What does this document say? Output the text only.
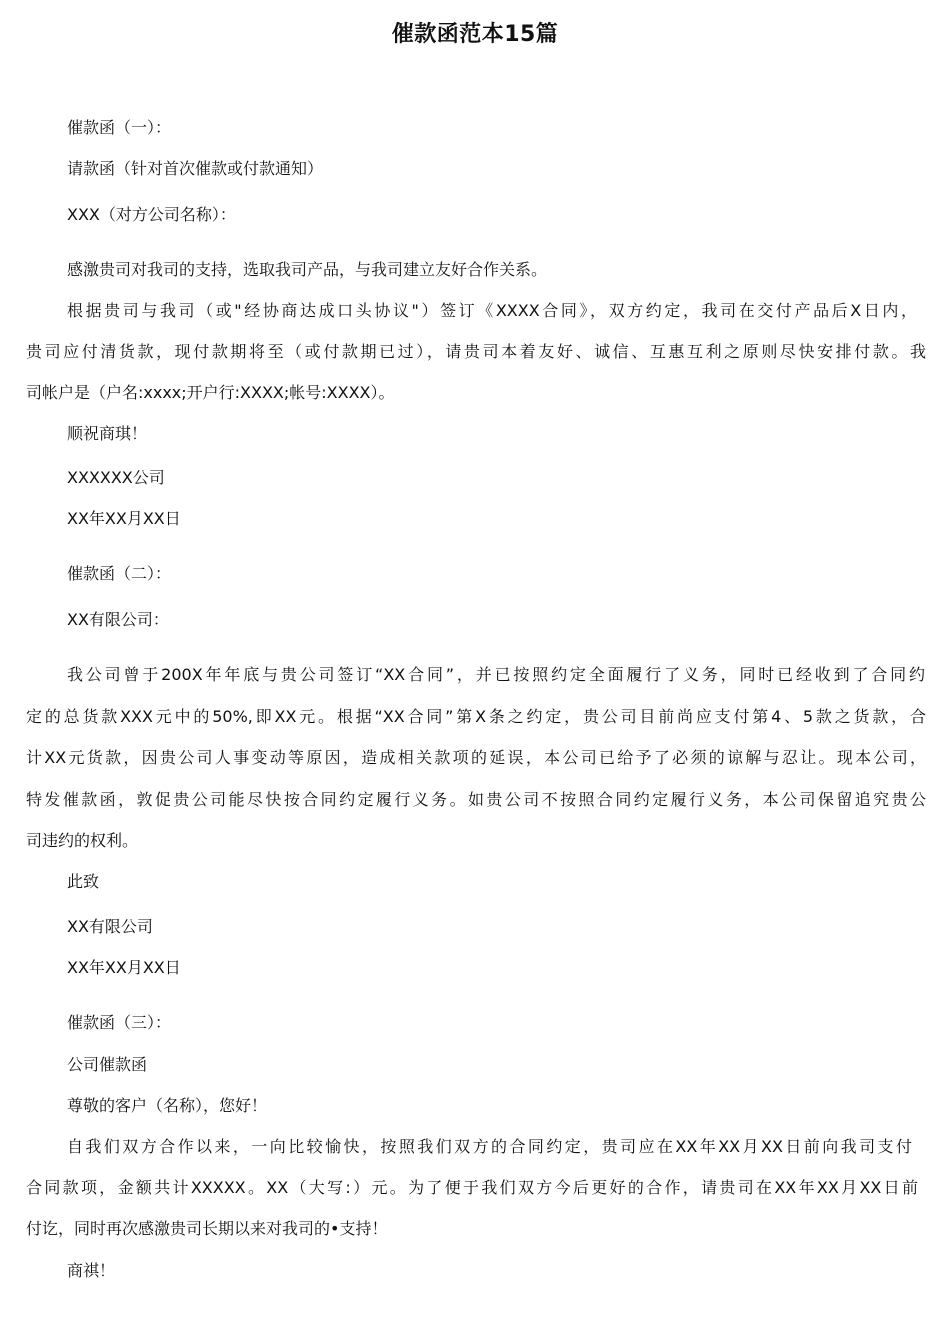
催款函范本15篇
催款函（一）：
请款函（针对首次催款或付款通知）
XXX（对方公司名称）：
感激贵司对我司的支持，选取我司产品，与我司建立友好合作关系。
根据贵司与我司（或"经协商达成口头协议"）签订《XXXX合同》，双方约定，我司在交付产品后X日内，
贵司应付清货款，现付款期将至（或付款期已过），请贵司本着友好、诚信、互惠互利之原则尽快安排付款。我
司帐户是（户名:xxxx;开户行:XXXX;帐号:XXXX）。
顺祝商琪！
XXXXXX公司
XX年XX月XX日
催款函（二）：
XX有限公司：
我公司曾于200X年年底与贵公司签订“XX合同”，并已按照约定全面履行了义务，同时已经收到了合同约
定的总货款XXX元中的50%,即XX元。根据“XX合同”第X条之约定，贵公司目前尚应支付第4、5款之货款，合
计XX元货款，因贵公司人事变动等原因，造成相关款项的延误，本公司已给予了必须的谅解与忍让。现本公司，
特发催款函，敦促贵公司能尽快按合同约定履行义务。如贵公司不按照合同约定履行义务，本公司保留追究贵公
司违约的权利。
此致
XX有限公司
XX年XX月XX日
催款函（三）：
公司催款函
尊敬的客户（名称），您好！
自我们双方合作以来，一向比较愉快，按照我们双方的合同约定，贵司应在XX年XX月XX日前向我司支付
合同款项，金额共计XXXXX。XX（大写:）元。为了便于我们双方今后更好的合作，请贵司在XX年XX月XX日前
付讫，同时再次感激贵司长期以来对我司的•支持！
商祺！
